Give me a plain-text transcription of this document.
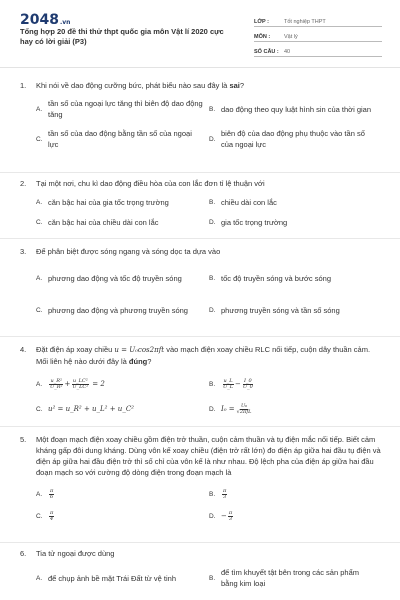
2048.vn
Tổng hợp 20 đề thi thử thpt quốc gia môn Vật lí 2020 cực hay có lời giải (P3)
LỚP :	Tốt nghiệp THPT
MÔN :	Vật lý
SỐ CÂU : 40
1.	Khi nói về dao động cưỡng bức, phát biểu nào sau đây là sai?
A.
tần số của ngoại lực tăng thì biên độ dao động tăng
B. dao động theo quy luật hình sin của thời gian
C.
tần số của dao động bằng tần số của ngoại lực
D.
biên độ của dao động phụ thuộc vào tần số của ngoại lực
2.	Tại một nơi, chu kì dao động điều hòa của con lắc đơn tỉ lệ thuận với
A. căn bậc hai của gia tốc trọng trường	B. chiều dài con lắc
C. căn bậc hai của chiều dài con lắc	D. gia tốc trọng trường
3.	Để phân biệt được sóng ngang và sóng dọc ta dựa vào
A. phương dao động và tốc độ truyền sóng	B. tốc độ truyền sóng và bước sóng
C. phương dao động và phương truyền sóng	D. phương truyền sóng và tần số sóng
4.	Đặt điện áp xoay chiều u = U₀cos2πft vào mạch điện xoay chiều RLC nối tiếp, cuộn dây thuần cảm. Mối liên hệ nào dưới đây là đúng?
A.	$\frac{\text{u\_R²}}{\text{U\_R²}} + \frac{\text{u\_LC²}}{\text{U\_LC²}} = 2$	B.	$\frac{u\_L}{U\_L} - \frac{I\_0}{U\_0}$
C. u² = u_R² + u_L² + u_C²	D. $I_0 = \frac{\text{U₀}}{\text{√2πfL}}$
5.	Một đoạn mạch điện xoay chiều gồm điện trở thuần, cuộn cảm thuần và tụ điện mắc nối tiếp. Biết cảm kháng gấp đôi dung kháng. Dùng vôn kế xoay chiều (điện trở rất lớn) đo điện áp giữa hai đầu tụ điện và điện áp giữa hai đầu điện trở thì số chỉ của vôn kế là như nhau. Độ lệch pha của điện áp giữa hai đầu đoạn mạch so với cường độ dòng điện trong đoạn mạch là
A.	$\frac{\pi}{6}$	B.	$\frac{\pi}{3}$
C.	$\frac{\pi}{4}$	D. − $\frac{\pi}{3}$
6.	Tia tử ngoại được dùng
A. để chụp ảnh bề mặt Trái Đất từ vệ tinh	B.
để tìm khuyết tật bên trong các sản phẩm bằng kim loại
